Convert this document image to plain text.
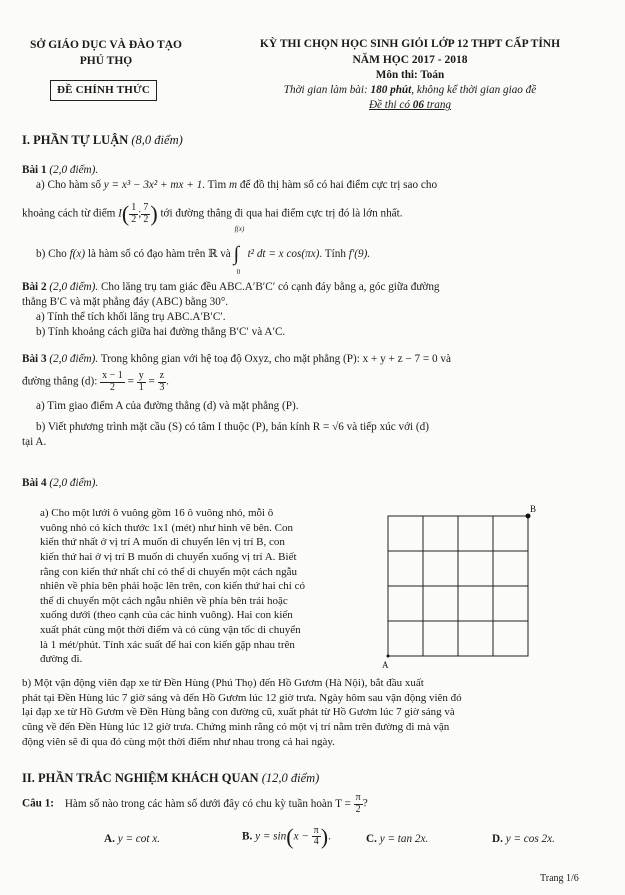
SỞ GIÁO DỤC VÀ ĐÀO TẠO
PHÚ THỌ
ĐỀ CHÍNH THỨC
KỲ THI CHỌN HỌC SINH GIỎI LỚP 12 THPT CẤP TỈNH
NĂM HỌC 2017 - 2018
Môn thi: Toán
Thời gian làm bài: 180 phút, không kể thời gian giao đề
Đề thi có 06 trang
I. PHẦN TỰ LUẬN (8,0 điểm)
Bài 1 (2,0 điểm).
a) Cho hàm số y = x³ − 3x² + mx + 1. Tìm m để đồ thị hàm số có hai điểm cực trị sao cho
khoảng cách từ điểm $I( \frac{1}{2}$ ; $\frac{7}{2}$ ) tới đường thẳng đi qua hai điểm cực trị đó là lớn nhất.
b) Cho f(x) là hàm số có đạo hàm trên ℝ và
f(x)
∫
0
t² dt = x cos(πx). Tính f′(9).
Bài 2 (2,0 điểm). Cho lăng trụ tam giác đều ABC.A′B′C′ có cạnh đáy bằng a, góc giữa đường
thẳng B′C và mặt phẳng đáy (ABC) bằng 30°.
a) Tính thể tích khối lăng trụ ABC.A′B′C′.
b) Tính khoảng cách giữa hai đường thẳng B′C′ và A′C.
Bài 3 (2,0 điểm). Trong không gian với hệ toạ độ Oxyz, cho mặt phẳng (P): x + y + z − 7 = 0 và
đường thẳng (d): $\frac{x - 1}{2} = \frac{y}{1} = \frac{z}{3}$ .
a) Tìm giao điểm A của đường thẳng (d) và mặt phẳng (P).
b) Viết phương trình mặt cầu (S) có tâm I thuộc (P), bán kính R = √6 và tiếp xúc với (d)
tại A.
Bài 4 (2,0 điểm).
a) Cho một lưới ô vuông gồm 16 ô vuông nhỏ, mỗi ô
vuông nhỏ có kích thước 1x1 (mét) như hình vẽ bên. Con
kiến thứ nhất ở vị trí A muốn di chuyển lên vị trí B, con
kiến thứ hai ở vị trí B muốn di chuyển xuống vị trí A. Biết
rằng con kiến thứ nhất chỉ có thể di chuyển một cách ngẫu
nhiên về phía bên phải hoặc lên trên, con kiến thứ hai chỉ có
thể di chuyển một cách ngẫu nhiên về phía bên trái hoặc
xuống dưới (theo cạnh của các hình vuông). Hai con kiến
xuất phát cùng một thời điểm và có cùng vận tốc di chuyển
là 1 mét/phút. Tính xác suất để hai con kiến gặp nhau trên
đường đi.
B
A
b) Một vận động viên đạp xe từ Đền Hùng (Phú Thọ) đến Hồ Gươm (Hà Nội), bắt đầu xuất
phát tại Đền Hùng lúc 7 giờ sáng và đến Hồ Gươm lúc 12 giờ trưa. Ngày hôm sau vận động viên đó
lại đạp xe từ Hồ Gươm về Đền Hùng bằng con đường cũ, xuất phát từ Hồ Gươm lúc 7 giờ sáng và
cũng về đến Đền Hùng lúc 12 giờ trưa. Chứng minh rằng có một vị trí nằm trên đường đi mà vận
động viên sẽ đi qua đó cùng một thời điểm như nhau trong cả hai ngày.
II. PHẦN TRẮC NGHIỆM KHÁCH QUAN (12,0 điểm)
Câu 1: Hàm số nào trong các hàm số dưới đây có chu kỳ tuần hoàn $T = \frac{\pi}{2}$ ?
A. y = cot x.	B. $y = \sin(x - \frac{\pi}{4}$ ).	C. y = tan 2x.	D. y = cos 2x.
Trang 1/6
